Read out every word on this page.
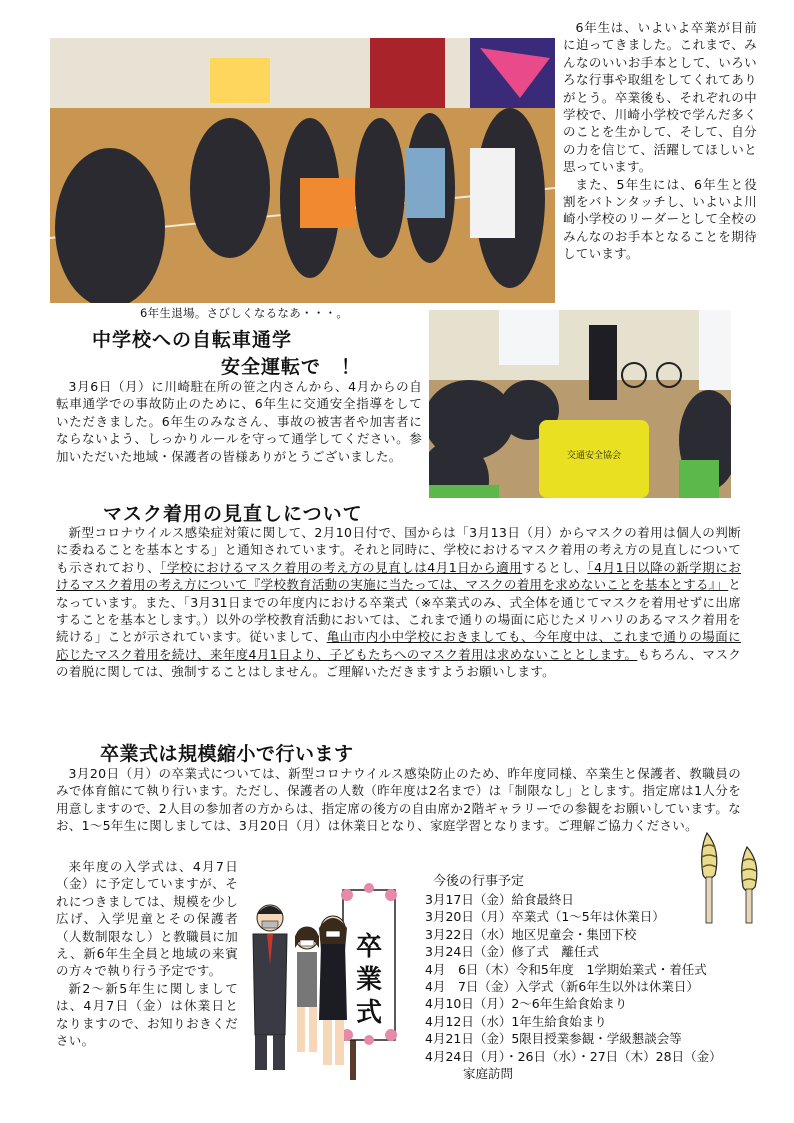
6年生退場。さびしくなるなあ・・・。
6年生は、いよいよ卒業が目前に迫ってきました。これまで、みんなのいいお手本として、いろいろな行事や取組をしてくれてありがとう。卒業後も、それぞれの中学校で、川崎小学校で学んだ多くのことを生かして、そして、自分の力を信じて、活躍してほしいと思っています。
また、5年生には、6年生と役割をバトンタッチし、いよいよ川崎小学校のリーダーとして全校のみんなのお手本となることを期待しています。
中学校への自転車通学
安全運転で　！
3月6日（月）に川崎駐在所の笹之内さんから、4月からの自転車通学での事故防止のために、6年生に交通安全指導をしていただきました。6年生のみなさん、事故の被害者や加害者にならないよう、しっかりルールを守って通学してください。参加いただいた地域・保護者の皆様ありがとうございました。	交通安全協会
マスク着用の見直しについて
新型コロナウイルス感染症対策に関して、2月10日付で、国からは「3月13日（月）からマスクの着用は個人の判断に委ねることを基本とする」と通知されています。それと同時に、学校におけるマスク着用の考え方の見直しについても示されており、「学校におけるマスク着用の考え方の見直しは4月1日から適用するとし、「4月1日以降の新学期におけるマスク着用の考え方について『学校教育活動の実施に当たっては、マスクの着用を求めないことを基本とする』」となっています。また、「3月31日までの年度内における卒業式（※卒業式のみ、式全体を通じてマスクを着用せずに出席することを基本とします。）以外の学校教育活動においては、これまで通りの場面に応じたメリハリのあるマスク着用を続ける」ことが示されています。従いまして、亀山市内小中学校におきましても、今年度中は、これまで通りの場面に応じたマスク着用を続け、来年度4月1日より、子どもたちへのマスク着用は求めないこととします。もちろん、マスクの着脱に関しては、強制することはしません。ご理解いただきますようお願いします。
卒業式は規模縮小で行います
3月20日（月）の卒業式については、新型コロナウイルス感染防止のため、昨年度同様、卒業生と保護者、教職員のみで体育館にて執り行います。ただし、保護者の人数（昨年度は2名まで）は「制限なし」とします。指定席は1人分を用意しますので、2人目の参加者の方からは、指定席の後方の自由席か2階ギャラリーでの参観をお願いしています。なお、1～5年生に関しましては、3月20日（月）は休業日となり、家庭学習となります。ご理解ご協力ください。
来年度の入学式は、4月7日（金）に予定していますが、それにつきましては、規模を少し広げ、入学児童とその保護者（人数制限なし）と教職員に加え、新6年生全員と地域の来賓の方々で執り行う予定です。
新2～新5年生に関しましては、4月7日（金）は休業日となりますので、お知りおきください。
卒
業
式
今後の行事予定
3月17日（金）給食最終日
3月20日（月）卒業式（1～5年は休業日）
3月22日（水）地区児童会・集団下校
3月24日（金）修了式　離任式
4月　6日（木）令和5年度　1学期始業式・着任式
4月　7日（金）入学式（新6年生以外は休業日）
4月10日（月）2～6年生給食始まり
4月12日（水）1年生給食始まり
4月21日（金）5限目授業参観・学級懇談会等
4月24日（月）・26日（水）・27日（木）28日（金）
家庭訪問
